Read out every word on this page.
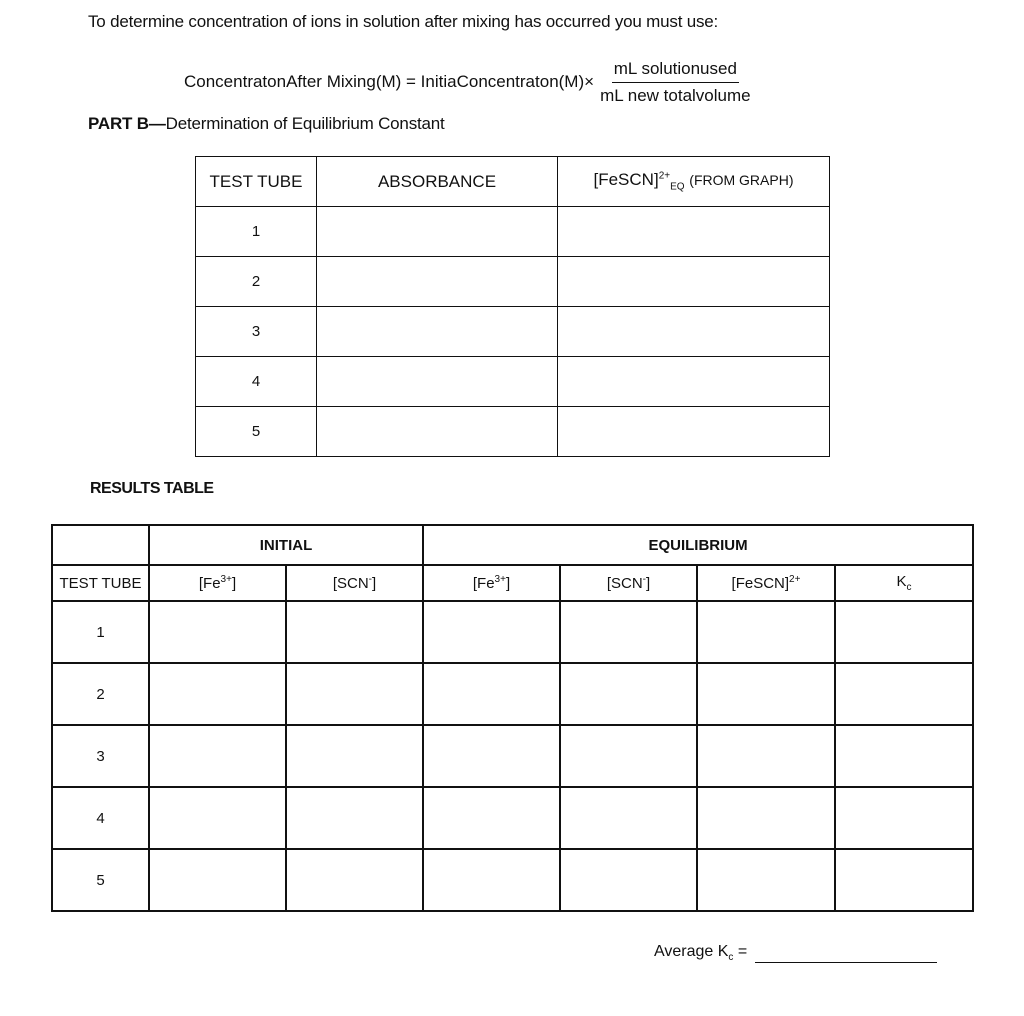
To determine concentration of ions in solution after mixing has occurred you must use:
ConcentratonAfter Mixing(M) = InitiaConcentraton(M)× $\frac{\text{mL solutionused}}{\text{mL new totalvolume}}$
PART B—Determination of Equilibrium Constant
TEST TUBE	ABSORBANCE	[FeSCN]$^{2+}_{EQ}$ (FROM GRAPH)
1		
2		
3		
4		
5		
RESULTS TABLE
	INITIAL		EQUILIBRIUM			
TEST TUBE	$[Fe^{3+}]$	[SCN-]	$[Fe^{3+}]$	[SCN-]	[FeSCN]$^{2+}$	$K_c$
1						
2						
3						
4						
5						
Average $K_c$ =
